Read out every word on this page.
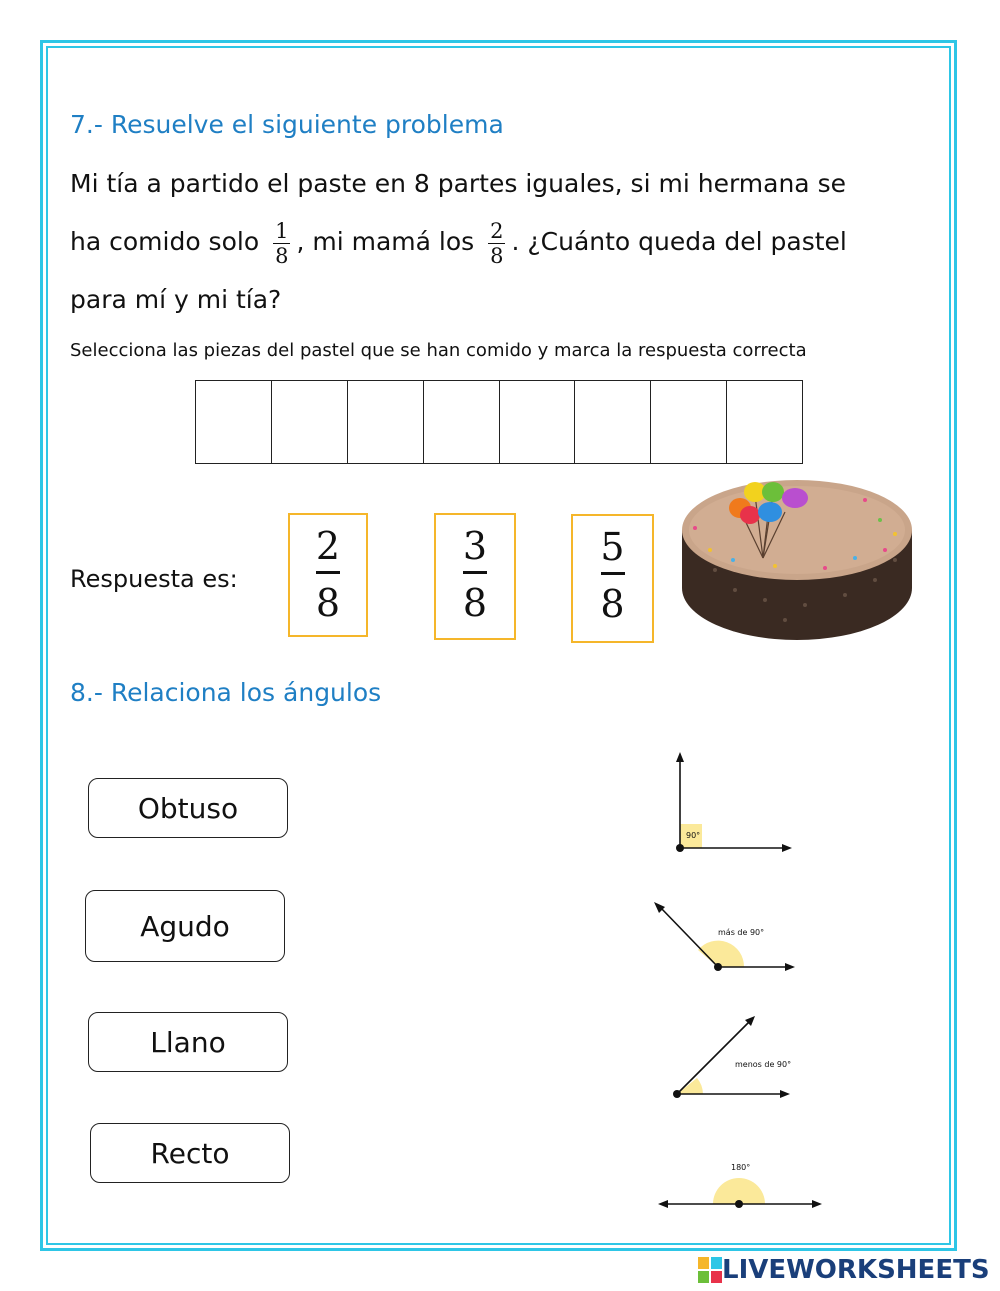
7.- Resuelve el siguiente problema
Mi tía a partido el paste en 8 partes iguales, si mi hermana se
ha comido solo $\frac{1}{8}$ , mi mamá los $\frac{2}{8}$ . ¿Cuánto queda del pastel
para mí y mi tía?
Selecciona las piezas del pastel que se han comido y marca la respuesta correcta
Respuesta es:
2
8
3
8
5
8
8.- Relaciona los ángulos
Obtuso
Agudo
Llano
Recto
90°
más de 90°
menos de 90°
180°
LIVEWORKSHEETS
